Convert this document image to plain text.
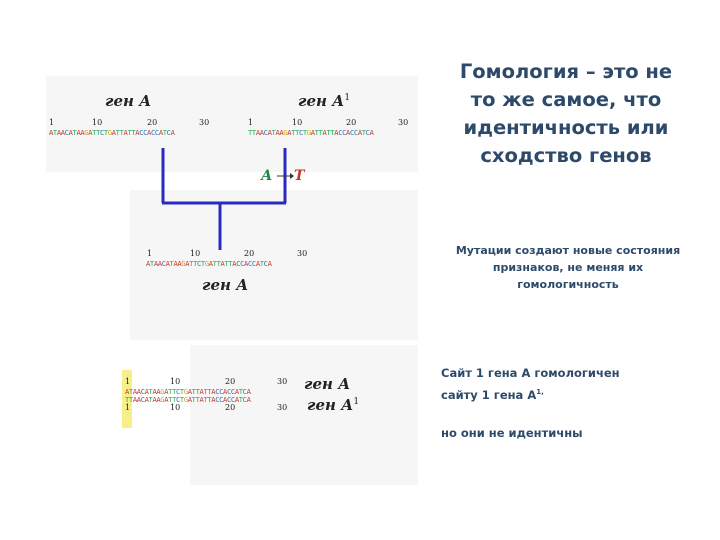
ген А
1	10	20	30
ATAACATAAGATTCTGATTATTACCACCATCA
ген $А^1$
1	10	20	30
TTAACATAAGATTCTGATTATTACCACCATCA
А Т
1	10	20	30
ATAACATAAGATTCTGATTATTACCACCATCA
ген А
1	10	20	30
ATAACATAAGATTCTGATTATTACCACCATCA
TTAACATAAGATTCTGATTATTACCACCATCA
1	10	20	30
ген А
ген $А^1$
Гомология – это не то же самое, что идентичность или сходство генов
Мутации создают новые состояния признаков, не меняя их гомологичность
Сайт 1 гена А гомологичен
сайту 1 гена $А^{1,}$
но они не идентичны
